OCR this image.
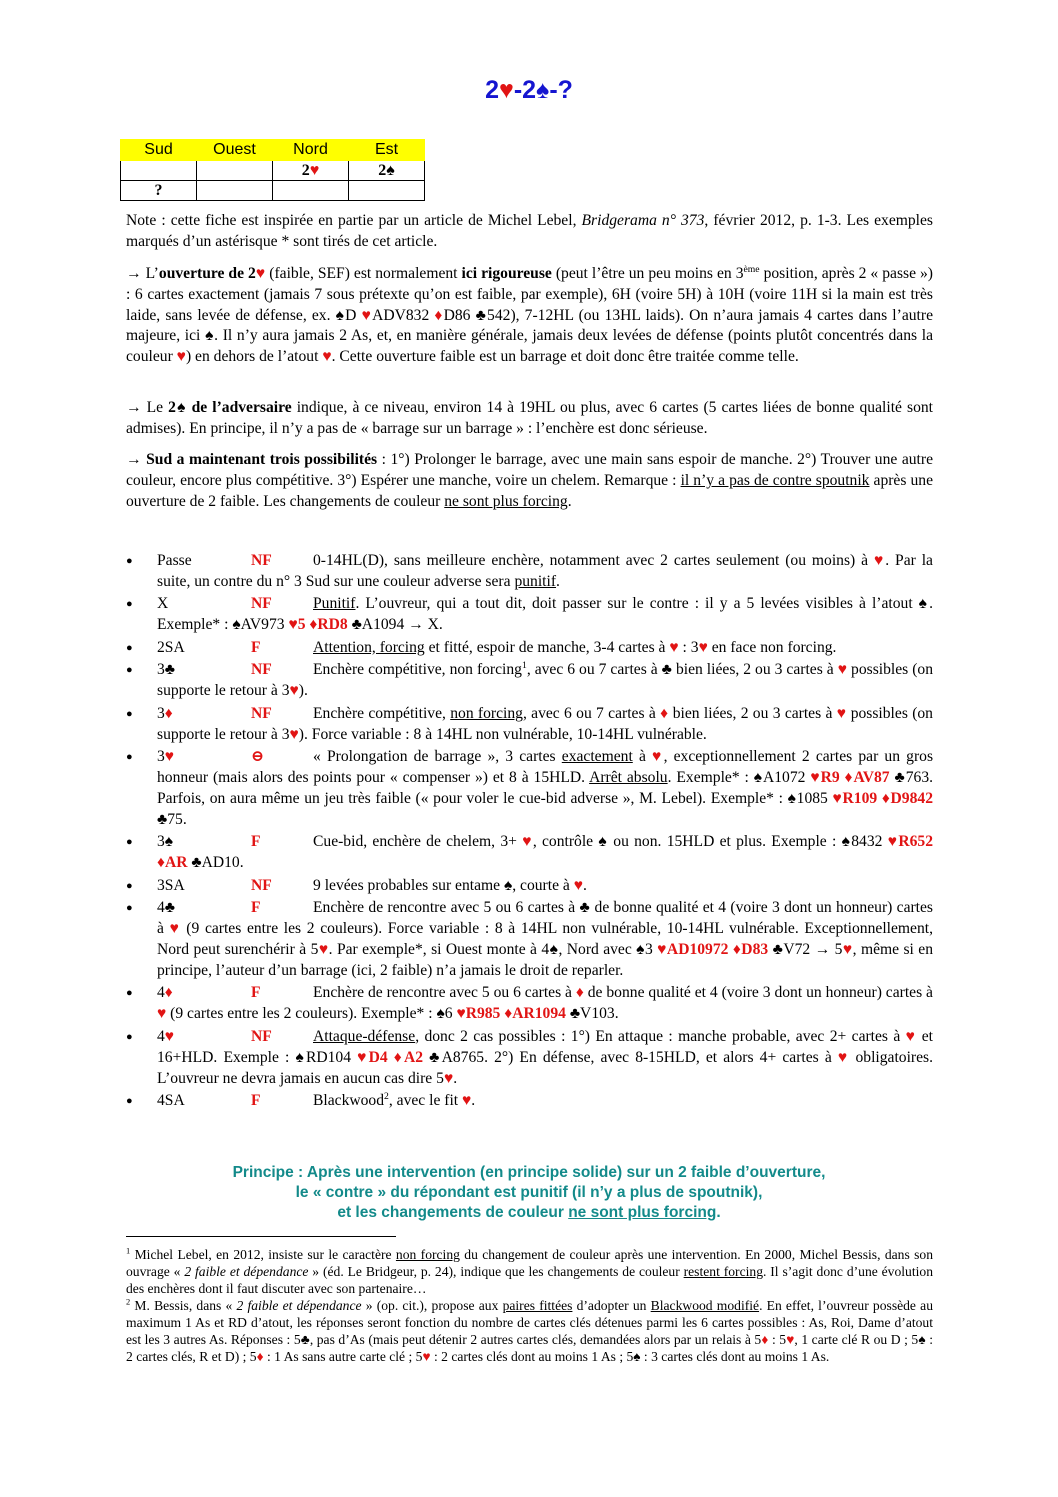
2♥-2♠-?
Sud	Ouest	Nord	Est
		2♥	2♠
?			
Note : cette fiche est inspirée en partie par un article de Michel Lebel, Bridgerama n° 373, février 2012, p. 1-3. Les exemples marqués d’un astérisque * sont tirés de cet article.
→ L’ouverture de 2♥ (faible, SEF) est normalement ici rigoureuse (peut l’être un peu moins en 3ème position, après 2 « passe ») : 6 cartes exactement (jamais 7 sous prétexte qu’on est faible, par exemple), 6H (voire 5H) à 10H (voire 11H si la main est très laide, sans levée de défense, ex. ♠D ♥ADV832 ♦D86 ♣542), 7-12HL (ou 13HL laids). On n’aura jamais 4 cartes dans l’autre majeure, ici ♠. Il n’y aura jamais 2 As, et, en manière générale, jamais deux levées de défense (points plutôt concentrés dans la couleur ♥) en dehors de l’atout ♥. Cette ouverture faible est un barrage et doit donc être traitée comme telle.
→ Le 2♠ de l’adversaire indique, à ce niveau, environ 14 à 19HL ou plus, avec 6 cartes (5 cartes liées de bonne qualité sont admises). En principe, il n’y a pas de « barrage sur un barrage » : l’enchère est donc sérieuse.
→ Sud a maintenant trois possibilités : 1°) Prolonger le barrage, avec une main sans espoir de manche. 2°) Trouver une autre couleur, encore plus compétitive. 3°) Espérer une manche, voire un chelem. Remarque : il n’y a pas de contre spoutnik après une ouverture de 2 faible. Les changements de couleur ne sont plus forcing.
● Passe	NF	0-14HL(D), sans meilleure enchère, notamment avec 2 cartes seulement (ou moins) à ♥. Par la suite, un contre du n° 3 Sud sur une couleur adverse sera punitif.
● X	NF	Punitif. L’ouvreur, qui a tout dit, doit passer sur le contre : il y a 5 levées visibles à l’atout ♠. Exemple* : ♠AV973 ♥5 ♦RD8 ♣A1094 → X.
● 2SA	F	Attention, forcing et fitté, espoir de manche, 3-4 cartes à ♥ : 3♥ en face non forcing.
● 3♣	NF	Enchère compétitive, non forcing$^1$, avec 6 ou 7 cartes à ♣ bien liées, 2 ou 3 cartes à ♥ possibles (on supporte le retour à 3♥).
● 3♦	NF	Enchère compétitive, non forcing, avec 6 ou 7 cartes à ♦ bien liées, 2 ou 3 cartes à ♥ possibles (on supporte le retour à 3♥). Force variable : 8 à 14HL non vulnérable, 10-14HL vulnérable.
● 3♥	⊖	« Prolongation de barrage », 3 cartes exactement à ♥, exceptionnellement 2 cartes par un gros honneur (mais alors des points pour « compenser ») et 8 à 15HLD. Arrêt absolu. Exemple* : ♠A1072 ♥R9 ♦AV87 ♣763. Parfois, on aura même un jeu très faible (« pour voler le cue-bid adverse », M. Lebel). Exemple* : ♠1085 ♥R109 ♦D9842 ♣75.
● 3♠	F	Cue-bid, enchère de chelem, 3+ ♥, contrôle ♠ ou non. 15HLD et plus. Exemple : ♠8432 ♥R652 ♦AR ♣AD10.
● 3SA	NF	9 levées probables sur entame ♠, courte à ♥.
● 4♣	F	Enchère de rencontre avec 5 ou 6 cartes à ♣ de bonne qualité et 4 (voire 3 dont un honneur) cartes à ♥ (9 cartes entre les 2 couleurs). Force variable : 8 à 14HL non vulnérable, 10-14HL vulnérable. Exceptionnellement, Nord peut surenchérir à 5♥. Par exemple*, si Ouest monte à 4♠, Nord avec ♠3 ♥AD10972 ♦D83 ♣V72 → 5♥, même si en principe, l’auteur d’un barrage (ici, 2 faible) n’a jamais le droit de reparler.
● 4♦	F	Enchère de rencontre avec 5 ou 6 cartes à ♦ de bonne qualité et 4 (voire 3 dont un honneur) cartes à ♥ (9 cartes entre les 2 couleurs). Exemple* : ♠6 ♥R985 ♦AR1094 ♣V103.
● 4♥	NF	Attaque-défense, donc 2 cas possibles : 1°) En attaque : manche probable, avec 2+ cartes à ♥ et 16+HLD. Exemple : ♠RD104 ♥D4 ♦A2 ♣A8765. 2°) En défense, avec 8-15HLD, et alors 4+ cartes à ♥ obligatoires. L’ouvreur ne devra jamais en aucun cas dire 5♥.
● 4SA	F	Blackwood$^2$, avec le fit ♥.
Principe : Après une intervention (en principe solide) sur un 2 faible d’ouverture,
le « contre » du répondant est punitif (il n’y a plus de spoutnik),
et les changements de couleur ne sont plus forcing.
$^1$ Michel Lebel, en 2012, insiste sur le caractère non forcing du changement de couleur après une intervention. En 2000, Michel Bessis, dans son ouvrage « 2 faible et dépendance » (éd. Le Bridgeur, p. 24), indique que les changements de couleur restent forcing. Il s’agit donc d’une évolution des enchères dont il faut discuter avec son partenaire…
$^2$ M. Bessis, dans « 2 faible et dépendance » (op. cit.), propose aux paires fittées d’adopter un Blackwood modifié. En effet, l’ouvreur possède au maximum 1 As et RD d’atout, les réponses seront fonction du nombre de cartes clés détenues parmi les 6 cartes possibles : As, Roi, Dame d’atout est les 3 autres As. Réponses : 5♣, pas d’As (mais peut détenir 2 autres cartes clés, demandées alors par un relais à 5♦ : 5♥, 1 carte clé R ou D ; 5♠ : 2 cartes clés, R et D) ; 5♦ : 1 As sans autre carte clé ; 5♥ : 2 cartes clés dont au moins 1 As ; 5♠ : 3 cartes clés dont au moins 1 As.
